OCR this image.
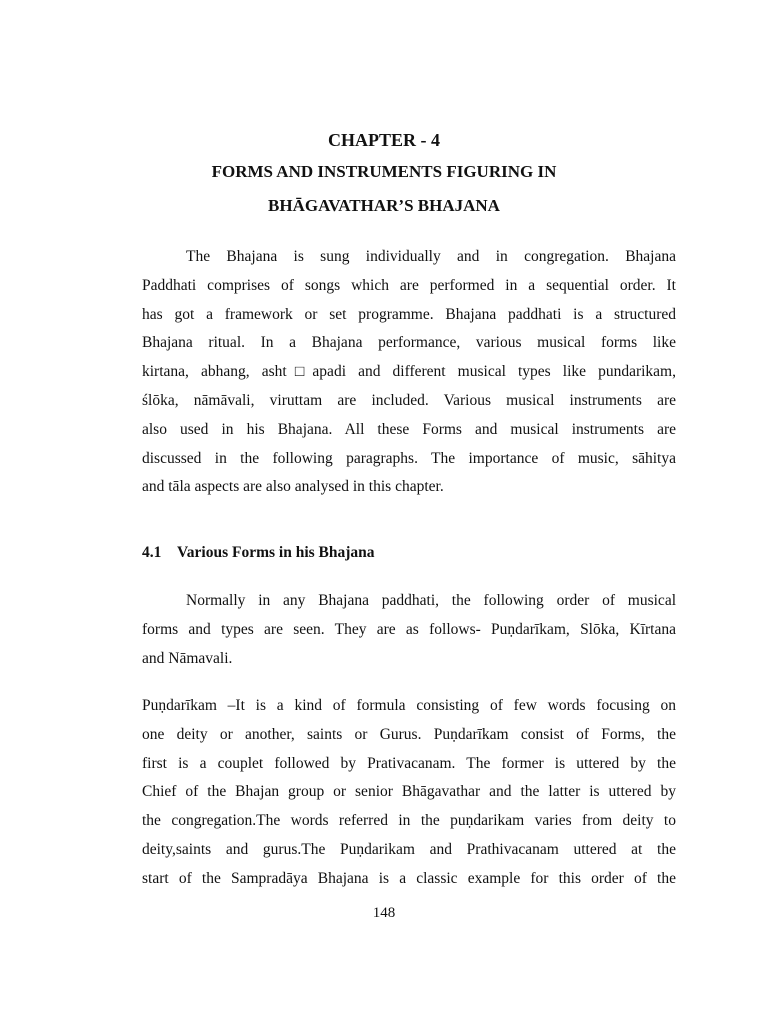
CHAPTER - 4
FORMS AND INSTRUMENTS FIGURING IN
BHĀGAVATHAR’S BHAJANA
The Bhajana is sung individually and in congregation. Bhajana
Paddhati comprises of songs which are performed in a sequential order. It
has got a framework or set programme. Bhajana paddhati is a structured
Bhajana ritual. In a Bhajana performance, various musical forms like
kirtana, abhang, asht□apadi and different musical types like pundarikam,
ślōka, nāmāvali, viruttam are included. Various musical instruments are
also used in his Bhajana. All these Forms and musical instruments are
discussed in the following paragraphs. The importance of music, sāhitya
and tāla aspects are also analysed in this chapter.
4.1 Various Forms in his Bhajana
Normally in any Bhajana paddhati, the following order of musical
forms and types are seen. They are as follows- Puṇdarīkam, Slōka, Kīrtana
and Nāmavali.
Puṇdarīkam –It is a kind of formula consisting of few words focusing on
one deity or another, saints or Gurus. Puṇdarīkam consist of Forms, the
first is a couplet followed by Prativacanam. The former is uttered by the
Chief of the Bhajan group or senior Bhāgavathar and the latter is uttered by
the congregation.The words referred in the puṇdarikam varies from deity to
deity,saints and gurus.The Puṇdarikam and Prathivacanam uttered at the
start of the Sampradāya Bhajana is a classic example for this order of the
148
